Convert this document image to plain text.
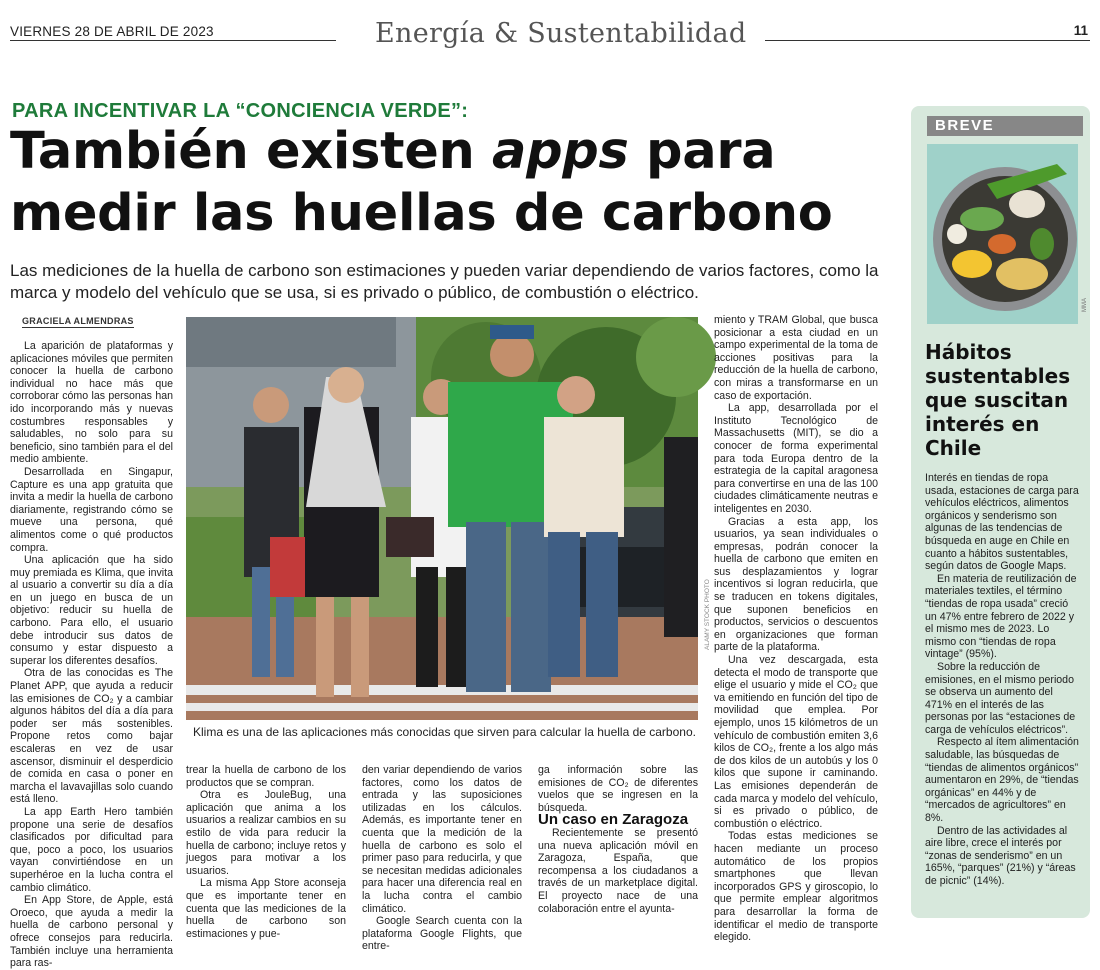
VIERNES 28 DE ABRIL DE 2023	Energía & Sustentabilidad	11
PARA INCENTIVAR LA “CONCIENCIA VERDE”:
También existen apps para medir las huellas de carbono
Las mediciones de la huella de carbono son estimaciones y pueden variar dependiendo de varios factores, como la marca y modelo del vehículo que se usa, si es privado o público, de combustión o eléctrico.
GRACIELA ALMENDRAS

La aparición de plataformas y aplicaciones móviles que permiten conocer la huella de carbono individual no hace más que corroborar cómo las personas han ido incorporando más y nuevas costumbres responsables y saludables, no solo para su beneficio, sino también para el del medio ambiente.

Desarrollada en Singapur, Capture es una app gratuita que invita a medir la huella de carbono diariamente, registrando cómo se mueve una persona, qué alimentos come o qué productos compra.

Una aplicación que ha sido muy premiada es Klima, que invita al usuario a convertir su día a día en un juego en busca de un objetivo: reducir su huella de carbono. Para ello, el usuario debe introducir sus datos de consumo y estar dispuesto a superar los diferentes desafíos.

Otra de las conocidas es The Planet APP, que ayuda a reducir las emisiones de CO₂ y a cambiar algunos hábitos del día a día para poder ser más sostenibles. Propone retos como bajar escaleras en vez de usar ascensor, disminuir el desperdicio de comida en casa o poner en marcha el lavavajillas solo cuando está lleno.

La app Earth Hero también propone una serie de desafíos clasificados por dificultad para que, poco a poco, los usuarios vayan convirtiéndose en un superhéroe en la lucha contra el cambio climático.

En App Store, de Apple, está Oroeco, que ayuda a medir la huella de carbono personal y ofrece consejos para reducirla. También incluye una herramienta para ras-

ALAMY STOCK PHOTO
Klima es una de las aplicaciones más conocidas que sirven para calcular la huella de carbono.

trear la huella de carbono de los productos que se compran.

Otra es JouleBug, una aplicación que anima a los usuarios a realizar cambios en su estilo de vida para reducir la huella de carbono; incluye retos y juegos para motivar a los usuarios.

La misma App Store aconseja que es importante tener en cuenta que las mediciones de la huella de carbono son estimaciones y pue-

den variar dependiendo de varios factores, como los datos de entrada y las suposiciones utilizadas en los cálculos. Además, es importante tener en cuenta que la medición de la huella de carbono es solo el primer paso para reducirla, y que se necesitan medidas adicionales para hacer una diferencia real en la lucha contra el cambio climático.

Google Search cuenta con la plataforma Google Flights, que entre-

ga información sobre las emisiones de CO₂ de diferentes vuelos que se ingresen en la búsqueda.

Un caso en Zaragoza

Recientemente se presentó una nueva aplicación móvil en Zaragoza, España, que recompensa a los ciudadanos a través de un marketplace digital. El proyecto nace de una colaboración entre el ayunta-

miento y TRAM Global, que busca posicionar a esta ciudad en un campo experimental de la toma de acciones positivas para la reducción de la huella de carbono, con miras a transformarse en un caso de exportación.

La app, desarrollada por el Instituto Tecnológico de Massachusetts (MIT), se dio a conocer de forma experimental para toda Europa dentro de la estrategia de la capital aragonesa para convertirse en una de las 100 ciudades climáticamente neutras e inteligentes en 2030.

Gracias a esta app, los usuarios, ya sean individuales o empresas, podrán conocer la huella de carbono que emiten en sus desplazamientos y lograr incentivos si logran reducirla, que se traducen en tokens digitales, que suponen beneficios en productos, servicios o descuentos en organizaciones que forman parte de la plataforma.

Una vez descargada, esta detecta el modo de transporte que elige el usuario y mide el CO₂ que va emitiendo en función del tipo de movilidad que emplea. Por ejemplo, unos 15 kilómetros de un vehículo de combustión emiten 3,6 kilos de CO₂, frente a los algo más de dos kilos de un autobús y los 0 kilos que supone ir caminando. Las emisiones dependerán de cada marca y modelo del vehículo, si es privado o público, de combustión o eléctrico.

Todas estas mediciones se hacen mediante un proceso automático de los propios smartphones que llevan incorporados GPS y giroscopio, lo que permite emplear algoritmos para desarrollar la forma de identificar el medio de transporte elegido.

BREVE
MMA
Hábitos sustentables que suscitan interés en Chile

Interés en tiendas de ropa usada, estaciones de carga para vehículos eléctricos, alimentos orgánicos y senderismo son algunas de las tendencias de búsqueda en auge en Chile en cuanto a hábitos sustentables, según datos de Google Maps.

En materia de reutilización de materiales textiles, el término “tiendas de ropa usada” creció un 47% entre febrero de 2022 y el mismo mes de 2023. Lo mismo con “tiendas de ropa vintage” (95%).

Sobre la reducción de emisiones, en el mismo periodo se observa un aumento del 471% en el interés de las personas por las “estaciones de carga de vehículos eléctricos”.

Respecto al ítem alimentación saludable, las búsquedas de “tiendas de alimentos orgánicos” aumentaron en 29%, de “tiendas orgánicas” en 44% y de “mercados de agricultores” en 8%.

Dentro de las actividades al aire libre, crece el interés por “zonas de senderismo” en un 165%, “parques” (21%) y “áreas de picnic” (14%).
